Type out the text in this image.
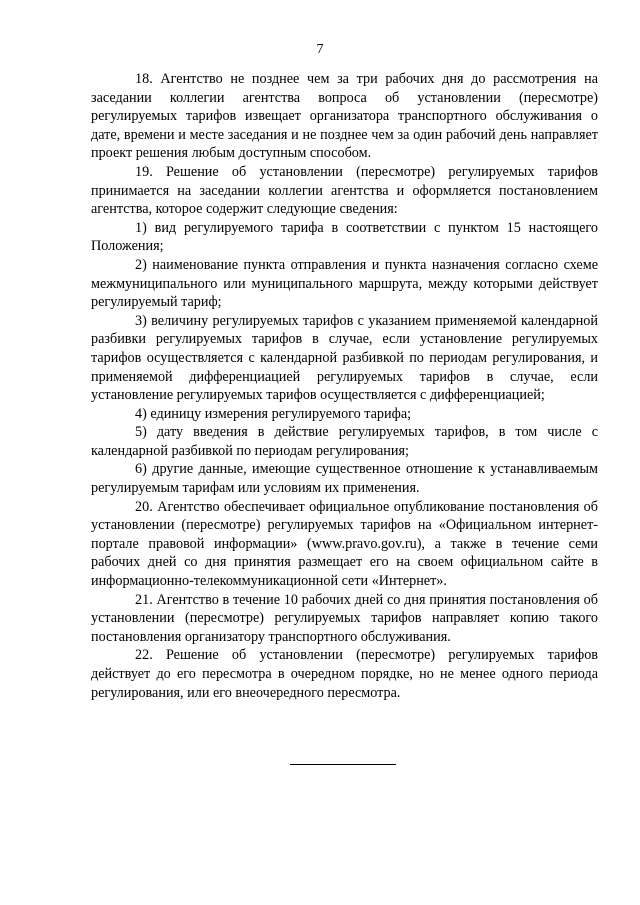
7

18. Агентство не позднее чем за три рабочих дня до рассмотрения на заседании коллегии агентства вопроса об установлении (пересмотре) регулируемых тарифов извещает организатора транспортного обслуживания о дате, времени и месте заседания и не позднее чем за один рабочий день направляет проект решения любым доступным способом.

19. Решение об установлении (пересмотре) регулируемых тарифов принимается на заседании коллегии агентства и оформляется постановлением агентства, которое содержит следующие сведения:

1) вид регулируемого тарифа в соответствии с пунктом 15 настоящего Положения;

2) наименование пункта отправления и пункта назначения согласно схеме межмуниципального или муниципального маршрута, между которыми действует регулируемый тариф;

3) величину регулируемых тарифов с указанием применяемой календарной разбивки регулируемых тарифов в случае, если установление регулируемых тарифов осуществляется с календарной разбивкой по периодам регулирования, и применяемой дифференциацией регулируемых тарифов в случае, если установление регулируемых тарифов осуществляется с дифференциацией;

4) единицу измерения регулируемого тарифа;

5) дату введения в действие регулируемых тарифов, в том числе с календарной разбивкой по периодам регулирования;

6) другие данные, имеющие существенное отношение к устанавливаемым регулируемым тарифам или условиям их применения.

20. Агентство обеспечивает официальное опубликование постановления об установлении (пересмотре) регулируемых тарифов на «Официальном интернет-портале правовой информации» (www.pravo.gov.ru), а также в течение семи рабочих дней со дня принятия размещает его на своем официальном сайте в информационно-телекоммуникационной сети «Интернет».

21. Агентство в течение 10 рабочих дней со дня принятия постановления об установлении (пересмотре) регулируемых тарифов направляет копию такого постановления организатору транспортного обслуживания.

22. Решение об установлении (пересмотре) регулируемых тарифов действует до его пересмотра в очередном порядке, но не менее одного периода регулирования, или его внеочередного пересмотра.
